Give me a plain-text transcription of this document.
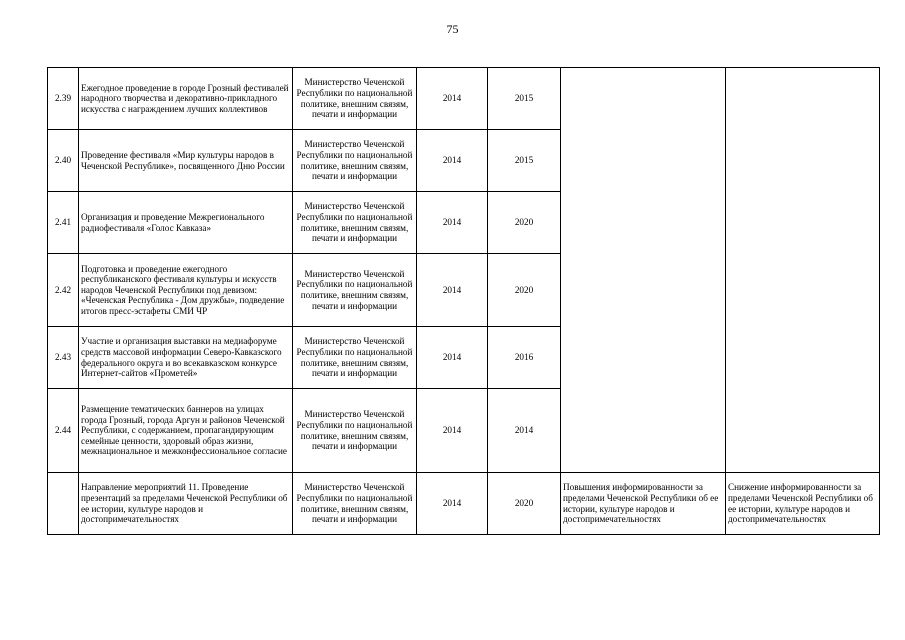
75
2.39	Ежегодное проведение в городе Грозный фестивалей народного творчества и декоративно-прикладного искусства с награждением лучших коллективов	Министерство Чеченской Республики по национальной политике, внешним связям, печати и информации	2014	2015		
2.40	Проведение фестиваля «Мир культуры народов в Чеченской Республике», посвященного Дню России	Министерство Чеченской Республики по национальной политике, внешним связям, печати и информации	2014	2015		
2.41	Организация и проведение Межрегионального радиофестиваля «Голос Кавказа»	Министерство Чеченской Республики по национальной политике, внешним связям, печати и информации	2014	2020		
2.42	Подготовка и проведение ежегодного республиканского фестиваля культуры и искусств народов Чеченской Республики под девизом: «Чеченская Республика - Дом дружбы», подведение итогов пресс-эстафеты СМИ ЧР	Министерство Чеченской Республики по национальной политике, внешним связям, печати и информации	2014	2020		
2.43	Участие и организация выставки на медиафоруме средств массовой информации Северо-Кавказского федерального округа и во всекавказском конкурсе Интернет-сайтов «Прометей»	Министерство Чеченской Республики по национальной политике, внешним связям, печати и информации	2014	2016		
2.44	Размещение тематических баннеров на улицах города Грозный, города Аргун и районов Чеченской Республики, с содержанием, пропагандирующим семейные ценности, здоровый образ жизни, межнациональное и межконфессиональное согласие	Министерство Чеченской Республики по национальной политике, внешним связям, печати и информации	2014	2014		
	Направление мероприятий 11. Проведение презентаций за пределами Чеченской Республики об ее истории, культуре народов и достопримечательностях	Министерство Чеченской Республики по национальной политике, внешним связям, печати и информации	2014	2020	Повышения информированности за пределами Чеченской Республики об ее истории, культуре народов и достопримечательностях	Снижение информированности за пределами Чеченской Республики об ее истории, культуре народов и достопримечательностях
